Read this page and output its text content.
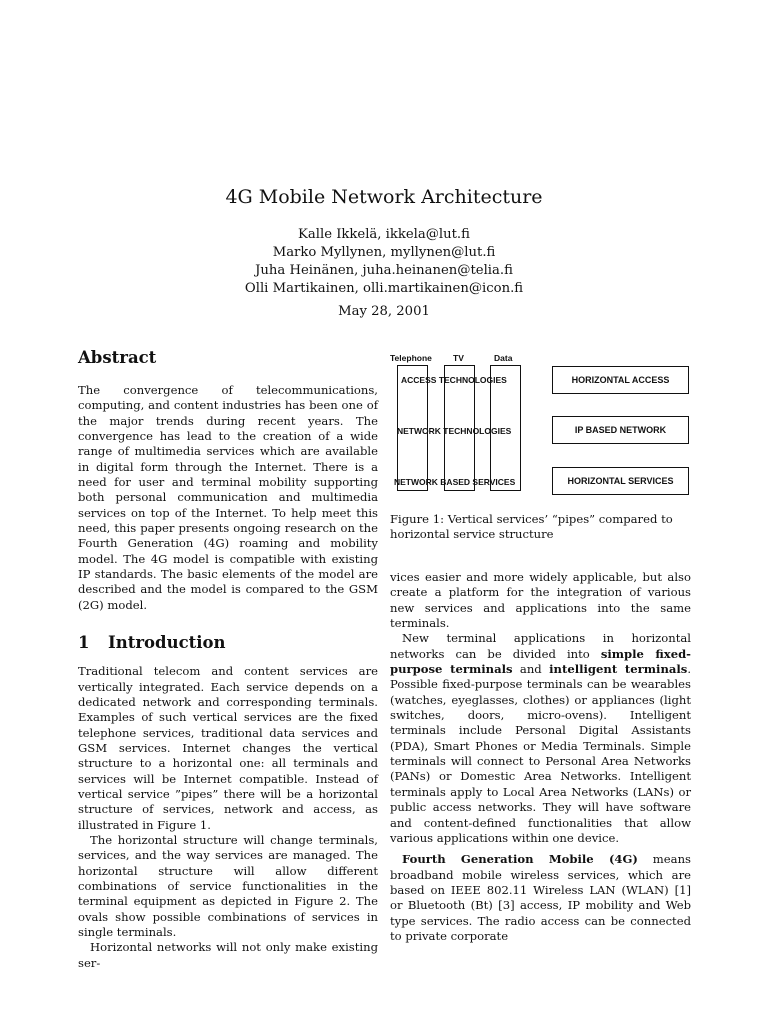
4G Mobile Network Architecture
Kalle Ikkelä, ikkela@lut.fi
Marko Myllynen, myllynen@lut.fi
Juha Heinänen, juha.heinanen@telia.fi
Olli Martikainen, olli.martikainen@icon.fi
May 28, 2001
Abstract

The convergence of telecommunications, computing, and content industries has been one of the major trends during recent years. The convergence has lead to the creation of a wide range of multimedia services which are available in digital form through the Internet. There is a need for user and terminal mobility supporting both personal communication and multimedia services on top of the Internet. To help meet this need, this paper presents ongoing research on the Fourth Generation (4G) roaming and mobility model. The 4G model is compatible with existing IP standards. The basic elements of the model are described and the model is compared to the GSM (2G) model.

1 Introduction

Traditional telecom and content services are vertically integrated. Each service depends on a dedicated network and corresponding terminals. Examples of such vertical services are the fixed telephone services, traditional data services and GSM services. Internet changes the vertical structure to a horizontal one: all terminals and services will be Internet compatible. Instead of vertical service ”pipes” there will be a horizontal structure of services, network and access, as illustrated in Figure 1.

The horizontal structure will change terminals, services, and the way services are managed. The horizontal structure will allow different combinations of service functionalities in the terminal equipment as depicted in Figure 2. The ovals show possible combinations of services in single terminals.

Horizontal networks will not only make existing ser-

Telephone TV	Data
ACCESS TECHNOLOGIES
NETWORK TECHNOLOGIES
NETWORK BASED SERVICES
HORIZONTAL ACCESS
IP BASED NETWORK
HORIZONTAL SERVICES
Figure 1: Vertical services’ “pipes” compared to horizontal service structure

vices easier and more widely applicable, but also create a platform for the integration of various new services and applications into the same terminals.

New terminal applications in horizontal networks can be divided into simple fixed-purpose terminals and intelligent terminals. Possible fixed-purpose terminals can be wearables (watches, eyeglasses, clothes) or appliances (light switches, doors, micro-ovens). Intelligent terminals include Personal Digital Assistants (PDA), Smart Phones or Media Terminals. Simple terminals will connect to Personal Area Networks (PANs) or Domestic Area Networks. Intelligent terminals apply to Local Area Networks (LANs) or public access networks. They will have software and content-defined functionalities that allow various applications within one device.

Fourth Generation Mobile (4G) means broadband mobile wireless services, which are based on IEEE 802.11 Wireless LAN (WLAN) [1] or Bluetooth (Bt) [3] access, IP mobility and Web type services. The radio access can be connected to private corporate
